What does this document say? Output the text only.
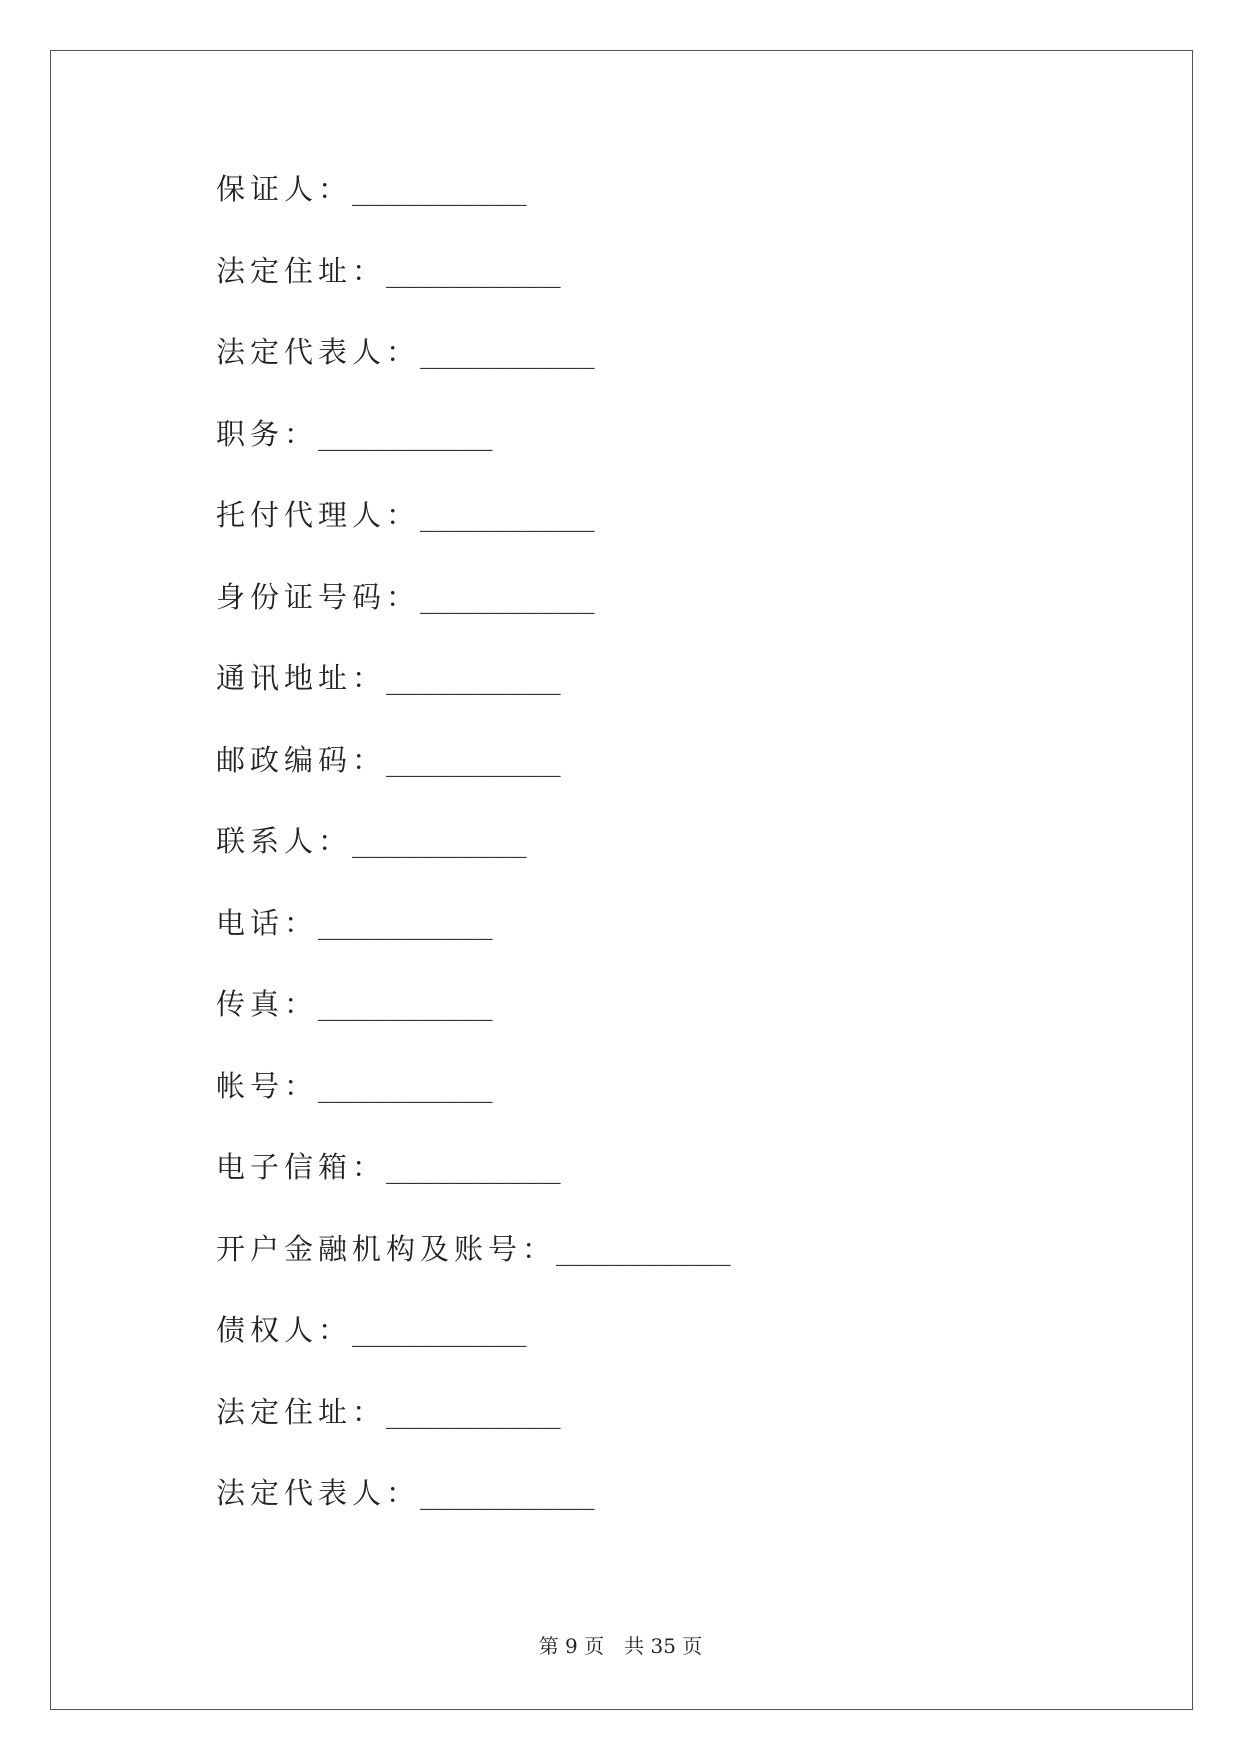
保证人： __________
法定住址： __________
法定代表人： __________
职务： __________
托付代理人： __________
身份证号码： __________
通讯地址： __________
邮政编码： __________
联系人： __________
电话： __________
传真： __________
帐号： __________
电子信箱： __________
开户金融机构及账号： __________
债权人： __________
法定住址： __________
法定代表人： __________
第 9 页　共 35 页
